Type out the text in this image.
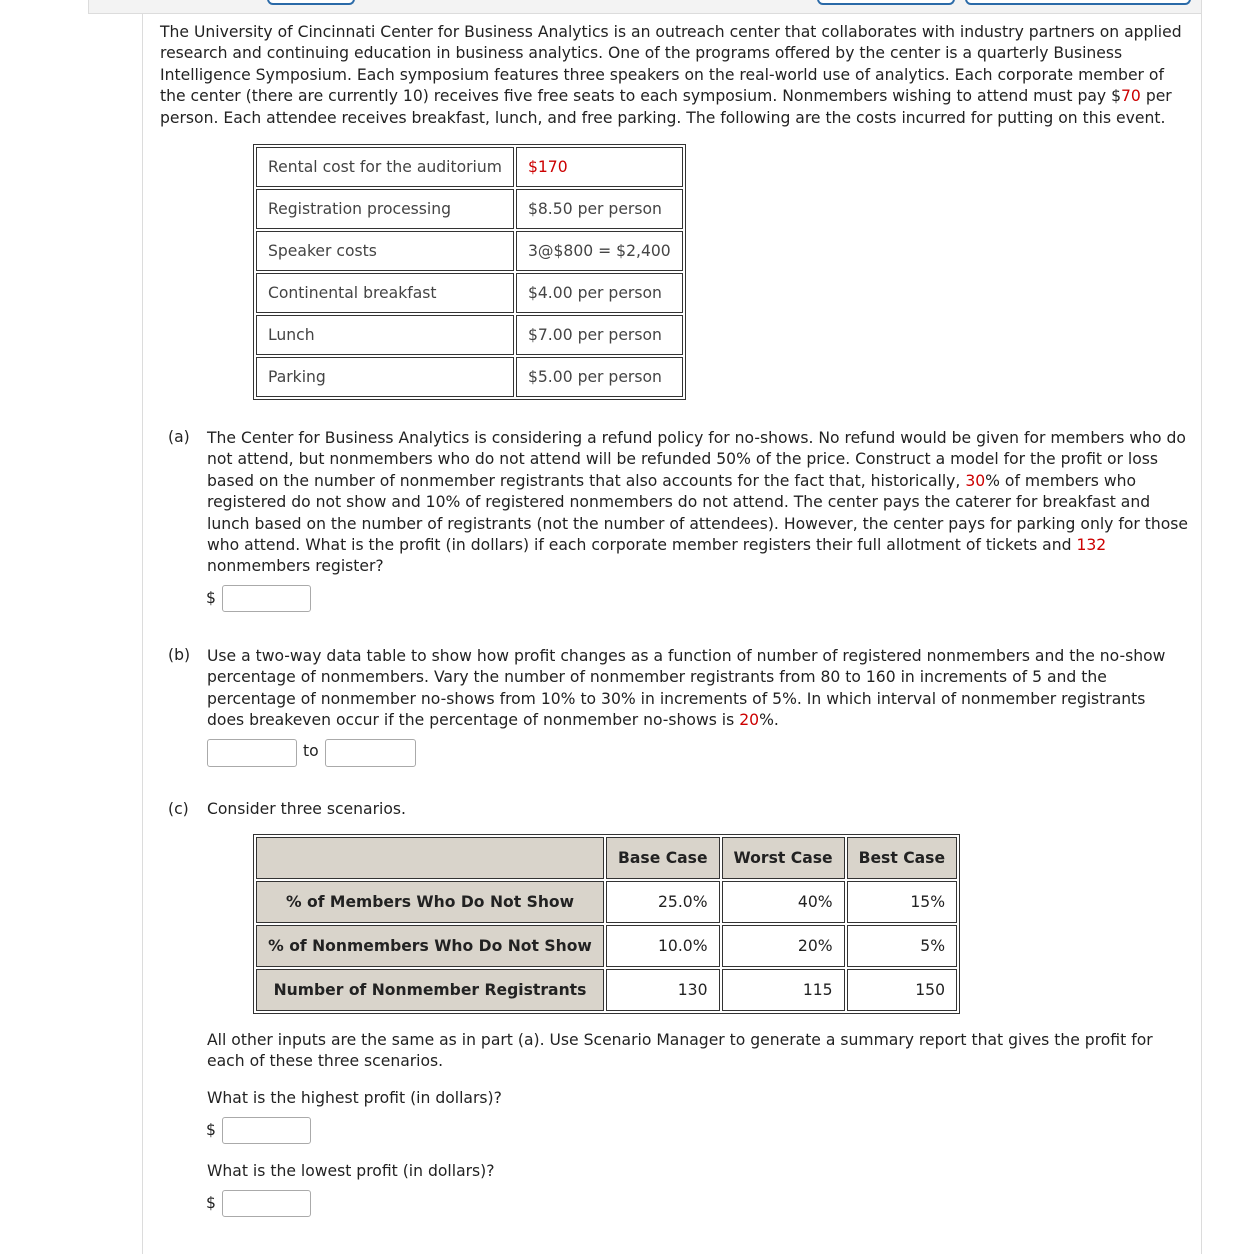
The University of Cincinnati Center for Business Analytics is an outreach center that collaborates with industry partners on applied research and continuing education in business analytics. One of the programs offered by the center is a quarterly Business Intelligence Symposium. Each symposium features three speakers on the real-world use of analytics. Each corporate member of the center (there are currently 10) receives five free seats to each symposium. Nonmembers wishing to attend must pay $70 per person. Each attendee receives breakfast, lunch, and free parking. The following are the costs incurred for putting on this event.
Rental cost for the auditorium	$170
Registration processing	$8.50 per person
Speaker costs	3@$800 = $2,400
Continental breakfast	$4.00 per person
Lunch	$7.00 per person
Parking	$5.00 per person
(a) The Center for Business Analytics is considering a refund policy for no-shows. No refund would be given for members who do not attend, but nonmembers who do not attend will be refunded 50% of the price. Construct a model for the profit or loss based on the number of nonmember registrants that also accounts for the fact that, historically, 30% of members who registered do not show and 10% of registered nonmembers do not attend. The center pays the caterer for breakfast and lunch based on the number of registrants (not the number of attendees). However, the center pays for parking only for those who attend. What is the profit (in dollars) if each corporate member registers their full allotment of tickets and 132 nonmembers register?
$
(b) Use a two-way data table to show how profit changes as a function of number of registered nonmembers and the no-show percentage of nonmembers. Vary the number of nonmember registrants from 80 to 160 in increments of 5 and the percentage of nonmember no-shows from 10% to 30% in increments of 5%. In which interval of nonmember registrants does breakeven occur if the percentage of nonmember no-shows is 20%.
to
(c) Consider three scenarios.
	Base Case	Worst Case	Best Case
% of Members Who Do Not Show	25.0%	40%	15%
% of Nonmembers Who Do Not Show	10.0%	20%	5%
Number of Nonmember Registrants	130	115	150
All other inputs are the same as in part (a). Use Scenario Manager to generate a summary report that gives the profit for each of these three scenarios.
What is the highest profit (in dollars)?
$
What is the lowest profit (in dollars)?
$
